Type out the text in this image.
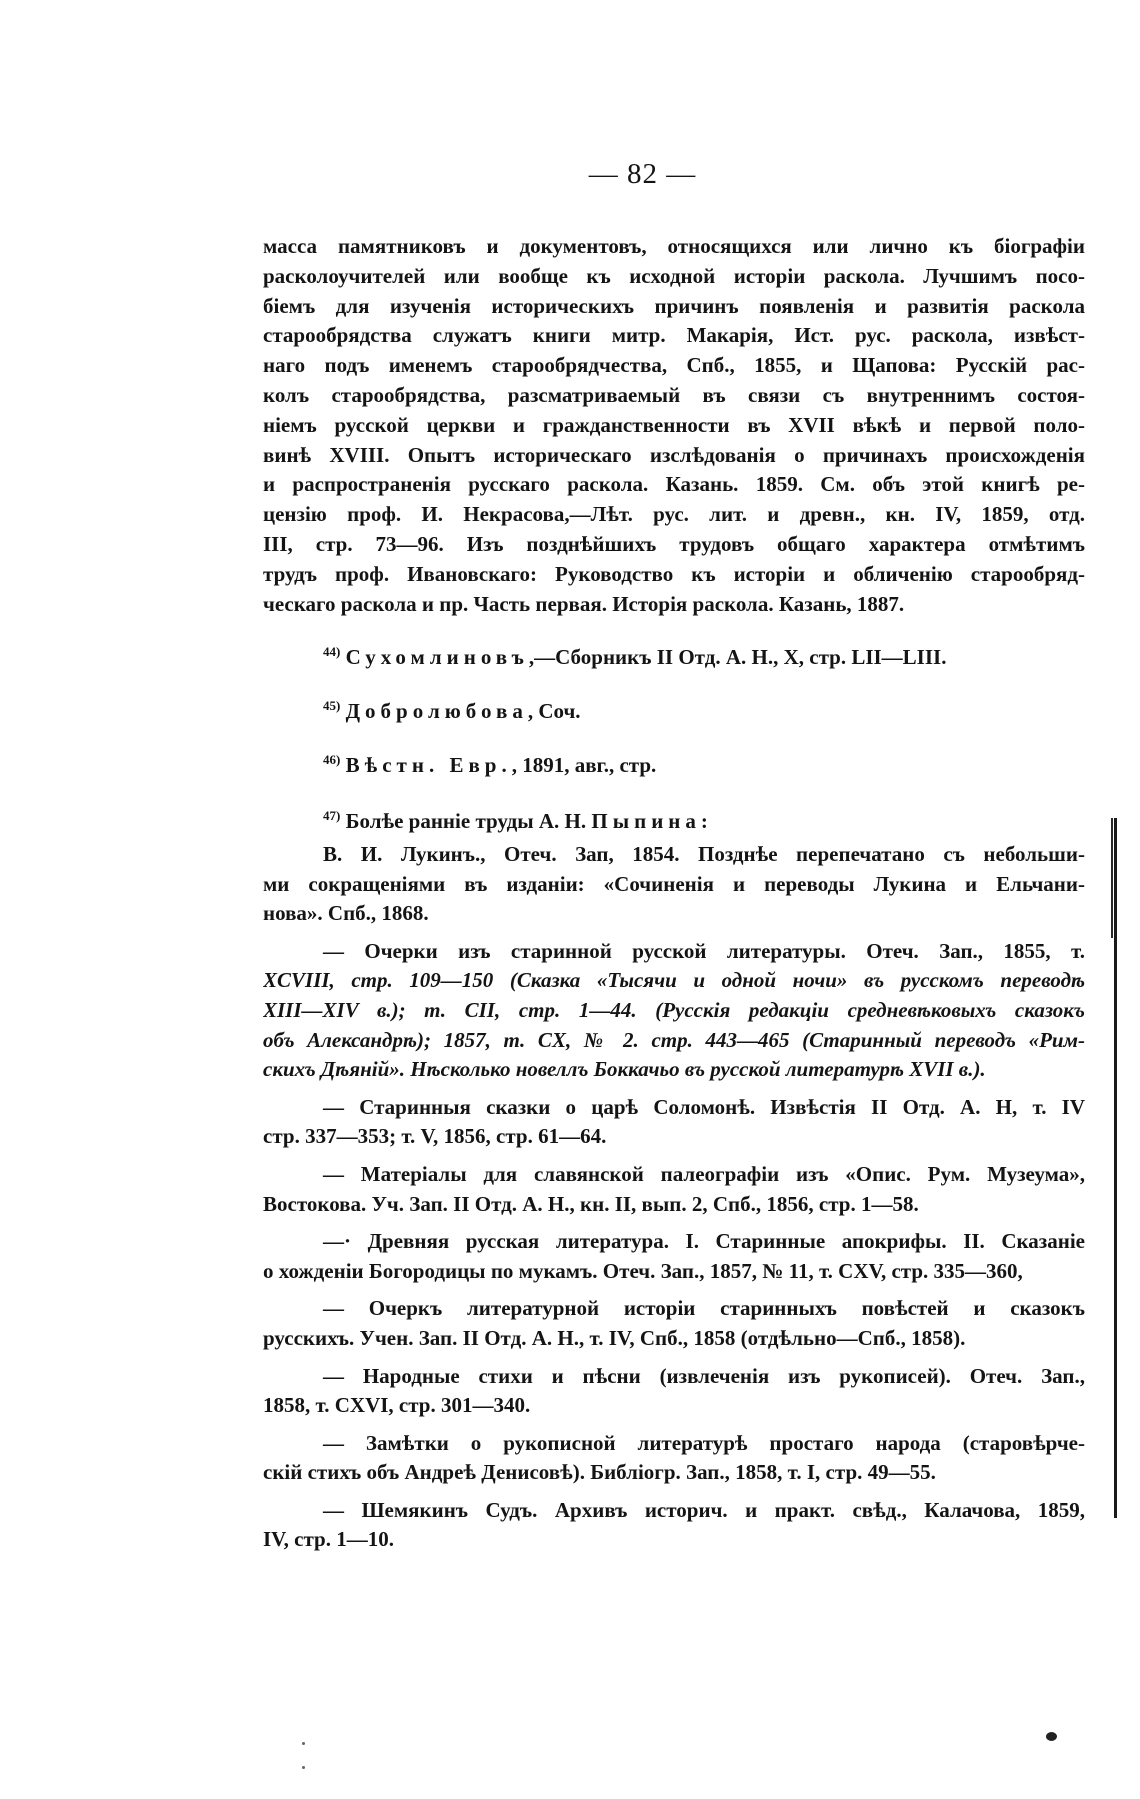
— 82 —
масса памятниковъ и документовъ, относящихся или лично къ біографіи
расколоучителей или вообще къ исходной исторіи раскола. Лучшимъ посо-
біемъ для изученія историческихъ причинъ появленія и развитія раскола
старообрядства служатъ книги митр. Макарія, Ист. рус. раскола, извѣст-
наго подъ именемъ старообрядчества, Спб., 1855, и Щапова: Русскій рас-
колъ старообрядства, разсматриваемый въ связи съ внутреннимъ состоя-
ніемъ русской церкви и гражданственности въ XVII вѣкѣ и первой поло-
винѣ XVIII. Опытъ историческаго изслѣдованія о причинахъ происхожденія
и распространенія русскаго раскола. Казань. 1859. См. объ этой книгѣ ре-
цензію проф. И. Некрасова,—Лѣт. рус. лит. и древн., кн. IV, 1859, отд.
III, стр. 73—96. Изъ позднѣйшихъ трудовъ общаго характера отмѣтимъ
трудъ проф. Ивановскаго: Руководство къ исторіи и обличенію старообряд-
ческаго раскола и пр. Часть первая. Исторія раскола. Казань, 1887.
$^{44)}$ Сухомлиновъ,—Сборникъ II Отд. А. Н., X, стр. LII—LIII.
$^{45)}$ Добролюбова, Соч.
$^{46)}$ Вѣстн. Евр., 1891, авг., стр.
$^{47)}$ Болѣе ранніе труды А. Н. Пыпина:
В. И. Лукинъ., Отеч. Зап, 1854. Позднѣе перепечатано съ небольши-
ми сокращеніями въ изданіи: «Сочиненія и переводы Лукина и Ельчани-
нова». Спб., 1868.
— Очерки изъ старинной русской литературы. Отеч. Зап., 1855, т.
XCVIII, стр. 109—150 (Сказка «Тысячи и одной ночи» въ русскомъ переводѣ
XIII—XIV в.); т. CII, стр. 1—44. (Русскія редакціи средневѣковыхъ сказокъ
объ Александрѣ); 1857, т. CX, № 2. стр. 443—465 (Старинный переводъ «Рим-
скихъ Дѣяній». Нѣсколько новеллъ Боккачьо въ русской литературѣ XVII в.).
— Старинныя сказки о царѣ Соломонѣ. Извѣстія II Отд. А. Н, т. IV
стр. 337—353; т. V, 1856, стр. 61—64.
— Матеріалы для славянской палеографіи изъ «Опис. Рум. Музеума»,
Востокова. Уч. Зап. II Отд. А. Н., кн. II, вып. 2, Спб., 1856, стр. 1—58.
—· Древняя русская литература. I. Старинные апокрифы. II. Сказаніе
о хожденіи Богородицы по мукамъ. Отеч. Зап., 1857, № 11, т. CXV, стр. 335—360,
— Очеркъ литературной исторіи старинныхъ повѣстей и сказокъ
русскихъ. Учен. Зап. II Отд. А. Н., т. IV, Спб., 1858 (отдѣльно—Спб., 1858).
— Народные стихи и пѣсни (извлеченія изъ рукописей). Отеч. Зап.,
1858, т. CXVI, стр. 301—340.
— Замѣтки о рукописной литературѣ простаго народа (старовѣрче-
скій стихъ объ Андреѣ Денисовѣ). Библіогр. Зап., 1858, т. I, стр. 49—55.
— Шемякинъ Судъ. Архивъ историч. и практ. свѣд., Калачова, 1859,
IV, стр. 1—10.
